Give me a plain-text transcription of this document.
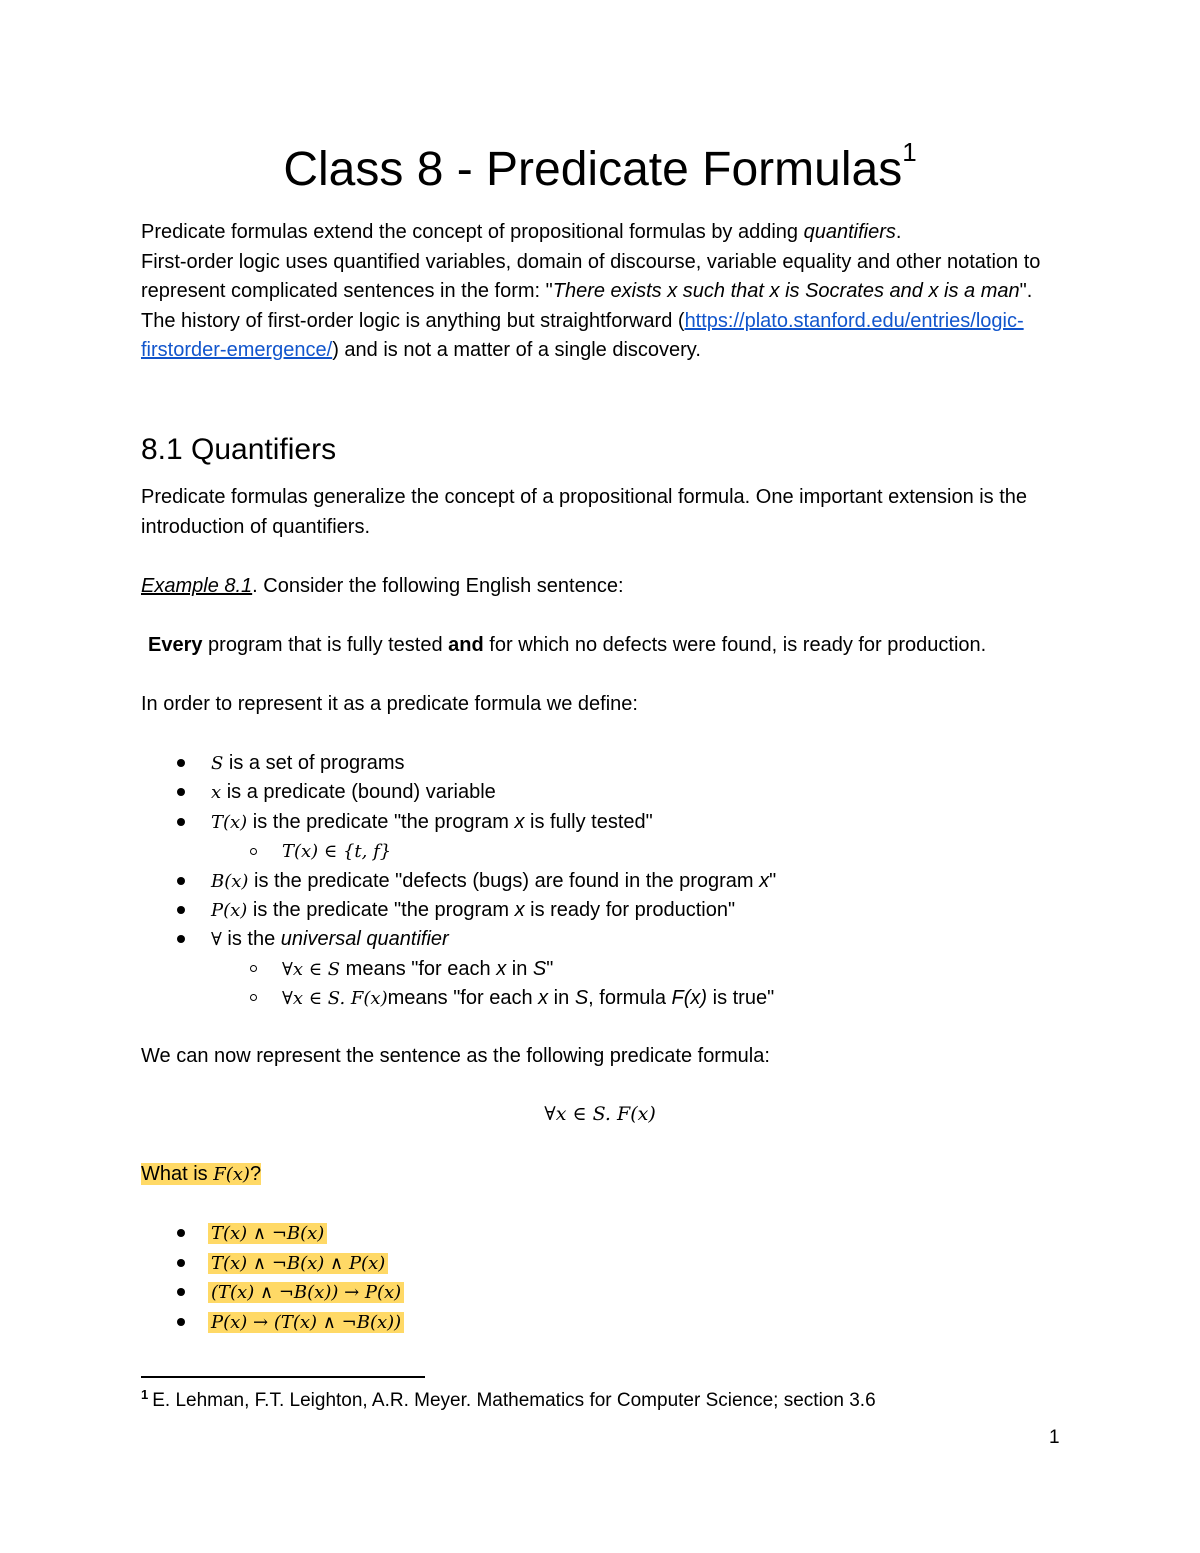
Class 8 - Predicate Formulas$^1$
Predicate formulas extend the concept of propositional formulas by adding quantifiers.
First-order logic uses quantified variables, domain of discourse, variable equality and other notation to represent complicated sentences in the form: "There exists x such that x is Socrates and x is a man". The history of first-order logic is anything but straightforward (https://plato.stanford.edu/entries/logic-firstorder-emergence/) and is not a matter of a single discovery.
8.1 Quantifiers
Predicate formulas generalize the concept of a propositional formula. One important extension is the introduction of quantifiers.
Example 8.1. Consider the following English sentence:
Every program that is fully tested and for which no defects were found, is ready for production.
In order to represent it as a predicate formula we define:
S is a set of programs
x is a predicate (bound) variable
T(x) is the predicate "the program x is fully tested"
T(x) ∈ {t, f}
B(x) is the predicate "defects (bugs) are found in the program x"
P(x) is the predicate "the program x is ready for production"
∀ is the universal quantifier
∀x ∈ S means "for each x in S"
∀x ∈ S. F(x)means "for each x in S, formula F(x) is true"
We can now represent the sentence as the following predicate formula:
∀x ∈ S. F(x)
What is F(x)?
T(x) ∧ ¬B(x)
T(x) ∧ ¬B(x) ∧ P(x)
(T(x) ∧ ¬B(x)) → P(x)
P(x) → (T(x) ∧ ¬B(x))
$^1$ E. Lehman, F.T. Leighton, A.R. Meyer. Mathematics for Computer Science; section 3.6
1
